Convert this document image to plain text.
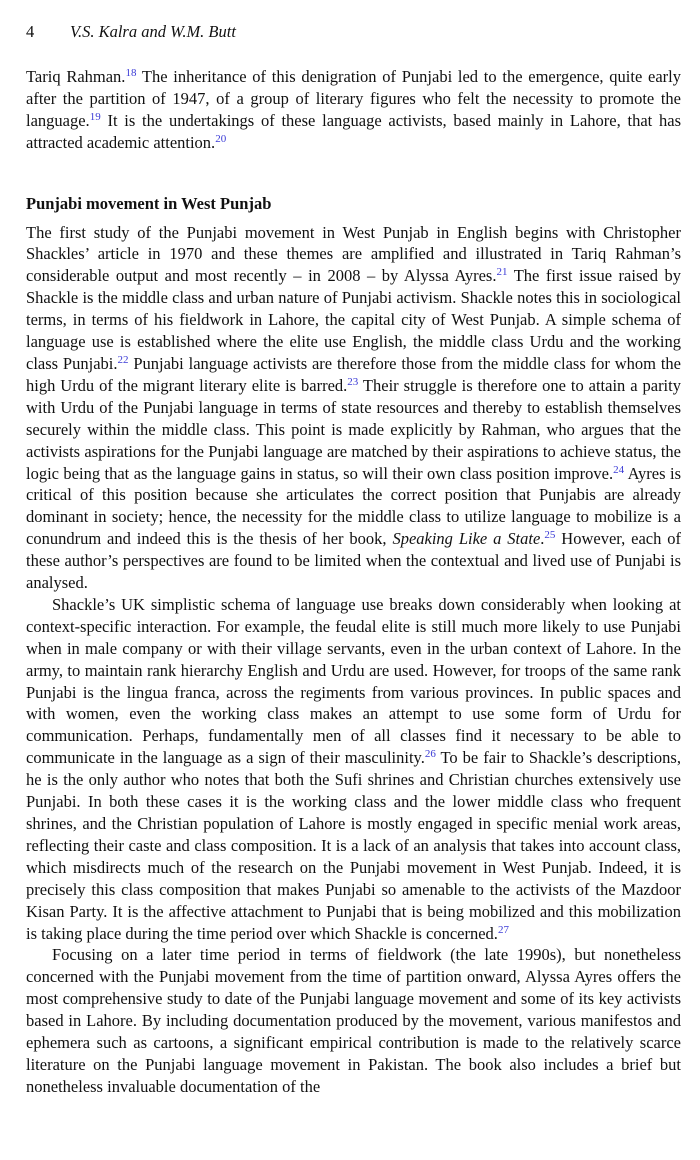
4 V.S. Kalra and W.M. Butt

Tariq Rahman.$^{18}$ The inheritance of this denigration of Punjabi led to the emergence, quite early after the partition of 1947, of a group of literary figures who felt the necessity to promote the language.$^{19}$ It is the undertakings of these language activists, based mainly in Lahore, that has attracted academic attention.$^{20}$

Punjabi movement in West Punjab

The first study of the Punjabi movement in West Punjab in English begins with Christopher Shackles’ article in 1970 and these themes are amplified and illustrated in Tariq Rahman’s considerable output and most recently – in 2008 – by Alyssa Ayres.$^{21}$ The first issue raised by Shackle is the middle class and urban nature of Punjabi activism. Shackle notes this in sociological terms, in terms of his fieldwork in Lahore, the capital city of West Punjab. A simple schema of language use is established where the elite use English, the middle class Urdu and the working class Punjabi.$^{22}$ Punjabi language activists are therefore those from the middle class for whom the high Urdu of the migrant literary elite is barred.$^{23}$ Their struggle is therefore one to attain a parity with Urdu of the Punjabi language in terms of state resources and thereby to establish themselves securely within the middle class. This point is made explicitly by Rahman, who argues that the activists aspirations for the Punjabi language are matched by their aspirations to achieve status, the logic being that as the language gains in status, so will their own class position improve.$^{24}$ Ayres is critical of this position because she articulates the correct position that Punjabis are already dominant in society; hence, the necessity for the middle class to utilize language to mobilize is a conundrum and indeed this is the thesis of her book, Speaking Like a State.$^{25}$ However, each of these author’s perspectives are found to be limited when the contextual and lived use of Punjabi is analysed.

Shackle’s UK simplistic schema of language use breaks down considerably when looking at context-specific interaction. For example, the feudal elite is still much more likely to use Punjabi when in male company or with their village servants, even in the urban context of Lahore. In the army, to maintain rank hierarchy English and Urdu are used. However, for troops of the same rank Punjabi is the lingua franca, across the regiments from various provinces. In public spaces and with women, even the working class makes an attempt to use some form of Urdu for communication. Perhaps, fundamentally men of all classes find it necessary to be able to communicate in the language as a sign of their masculinity.$^{26}$ To be fair to Shackle’s descriptions, he is the only author who notes that both the Sufi shrines and Christian churches extensively use Punjabi. In both these cases it is the working class and the lower middle class who frequent shrines, and the Christian population of Lahore is mostly engaged in specific menial work areas, reflecting their caste and class composition. It is a lack of an analysis that takes into account class, which misdirects much of the research on the Punjabi movement in West Punjab. Indeed, it is precisely this class composition that makes Punjabi so amenable to the activists of the Mazdoor Kisan Party. It is the affective attachment to Punjabi that is being mobilized and this mobilization is taking place during the time period over which Shackle is concerned.$^{27}$

Focusing on a later time period in terms of fieldwork (the late 1990s), but nonetheless concerned with the Punjabi movement from the time of partition onward, Alyssa Ayres offers the most comprehensive study to date of the Punjabi language movement and some of its key activists based in Lahore. By including documentation produced by the movement, various manifestos and ephemera such as cartoons, a significant empirical contribution is made to the relatively scarce literature on the Punjabi language movement in Pakistan. The book also includes a brief but nonetheless invaluable documentation of the
